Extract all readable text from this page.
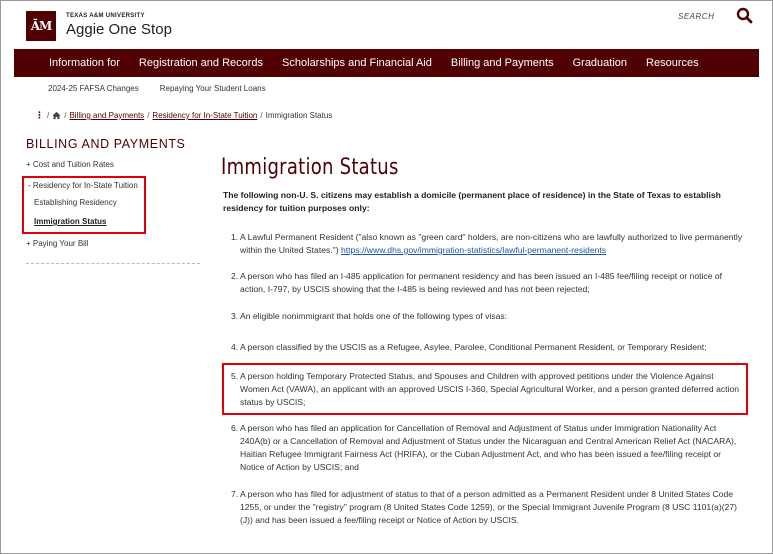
ĀM
TEXAS A&M UNIVERSITY
Aggie One Stop
SEARCH
Information for Registration and Records Scholarships and Financial Aid Billing and Payments Graduation Resources
2024-25 FAFSA Changes	Repaying Your Student Loans
⋮ / / Billing and Payments / Residency for In-State Tuition / Immigration Status
BILLING AND PAYMENTS
+ Cost and Tuition Rates
- Residency for In-State Tuition
Establishing Residency
Immigration Status
+ Paying Your Bill
Immigration Status

The following non-U. S. citizens may establish a domicile (permanent place of residence) in the State of Texas to establish residency for tuition purposes only:

1. A Lawful Permanent Resident ("also known as "green card" holders, are non-citizens who are lawfully authorized to live permanently within the United States.") https://www.dhs.gov/immigration-statistics/lawful-permanent-residents
2. A person who has filed an I-485 application for permanent residency and has been issued an I-485 fee/filing receipt or notice of action, I-797, by USCIS showing that the I-485 is being reviewed and has not been rejected;
3. An eligible nonimmigrant that holds one of the following types of visas:
4. A person classified by the USCIS as a Refugee, Asylee, Parolee, Conditional Permanent Resident, or Temporary Resident;
5. A person holding Temporary Protected Status, and Spouses and Children with approved petitions under the Violence Against Women Act (VAWA), an applicant with an approved USCIS I-360, Special Agricultural Worker, and a person granted deferred action status by USCIS;
6. A person who has filed an application for Cancellation of Removal and Adjustment of Status under Immigration Nationality Act 240A(b) or a Cancellation of Removal and Adjustment of Status under the Nicaraguan and Central American Relief Act (NACARA), Haitian Refugee Immigrant Fairness Act (HRIFA), or the Cuban Adjustment Act, and who has been issued a fee/filing receipt or Notice of Action by USCIS; and
7. A person who has filed for adjustment of status to that of a person admitted as a Permanent Resident under 8 United States Code 1255, or under the "registry" program (8 United States Code 1259), or the Special Immigrant Juvenile Program (8 USC 1101(a)(27)(J)) and has been issued a fee/filing receipt or Notice of Action by USCIS.
